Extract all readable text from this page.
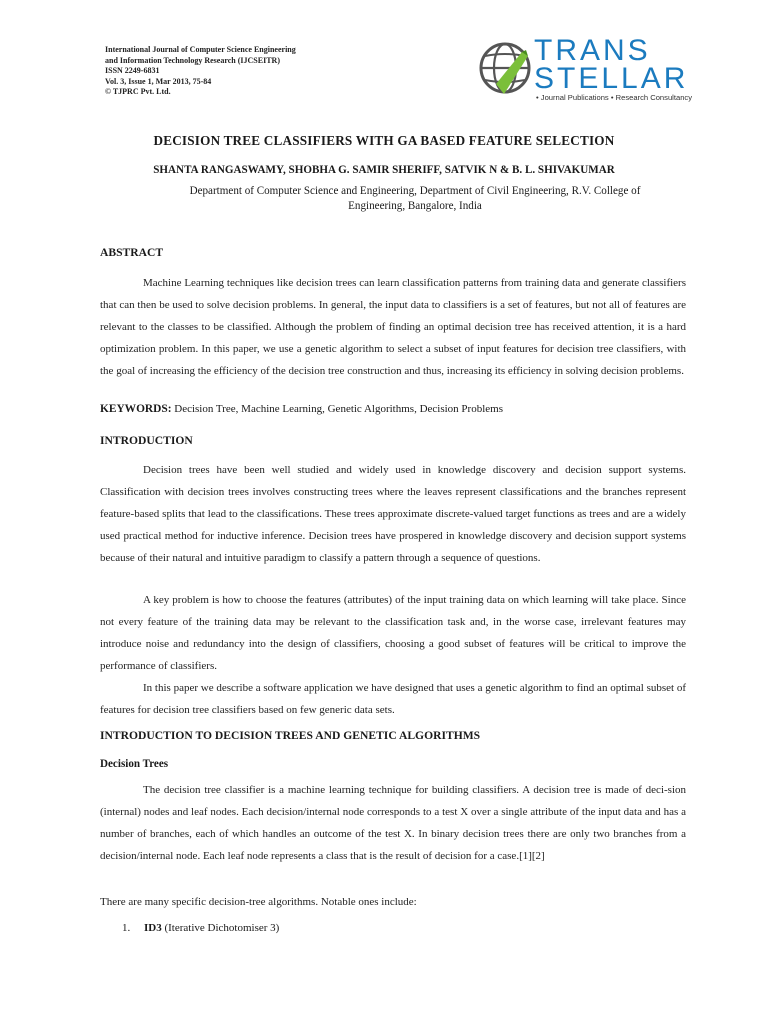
International Journal of Computer Science Engineering
and Information Technology Research (IJCSEITR)
ISSN 2249-6831
Vol. 3, Issue 1, Mar 2013, 75-84
© TJPRC Pvt. Ltd.
TRANS
STELLAR
• Journal Publications • Research Consultancy
DECISION TREE CLASSIFIERS WITH GA BASED FEATURE SELECTION
SHANTA RANGASWAMY, SHOBHA G. SAMIR SHERIFF, SATVIK N & B. L. SHIVAKUMAR
Department of Computer Science and Engineering, Department of Civil Engineering, R.V. College of Engineering, Bangalore, India
ABSTRACT
Machine Learning techniques like decision trees can learn classification patterns from training data and generate classifiers that can then be used to solve decision problems. In general, the input data to classifiers is a set of features, but not all of features are relevant to the classes to be classified. Although the problem of finding an optimal decision tree has received attention, it is a hard optimization problem. In this paper, we use a genetic algorithm to select a subset of input features for decision tree classifiers, with the goal of increasing the efficiency of the decision tree construction and thus, increasing its efficiency in solving decision problems.
KEYWORDS: Decision Tree, Machine Learning, Genetic Algorithms, Decision Problems
INTRODUCTION
Decision trees have been well studied and widely used in knowledge discovery and decision support systems. Classification with decision trees involves constructing trees where the leaves represent classifications and the branches represent feature-based splits that lead to the classifications. These trees approximate discrete-valued target functions as trees and are a widely used practical method for inductive inference. Decision trees have prospered in knowledge discovery and decision support systems because of their natural and intuitive paradigm to classify a pattern through a sequence of questions.
A key problem is how to choose the features (attributes) of the input training data on which learning will take place. Since not every feature of the training data may be relevant to the classification task and, in the worse case, irrelevant features may introduce noise and redundancy into the design of classifiers, choosing a good subset of features will be critical to improve the performance of classifiers.
In this paper we describe a software application we have designed that uses a genetic algorithm to find an optimal subset of features for decision tree classifiers based on few generic data sets.
INTRODUCTION TO DECISION TREES AND GENETIC ALGORITHMS
Decision Trees
The decision tree classifier is a machine learning technique for building classifiers. A decision tree is made of deci-sion (internal) nodes and leaf nodes. Each decision/internal node corresponds to a test X over a single attribute of the input data and has a number of branches, each of which handles an outcome of the test X. In binary decision trees there are only two branches from a decision/internal node. Each leaf node represents a class that is the result of decision for a case.[1][2]
There are many specific decision-tree algorithms. Notable ones include:
1. ID3 (Iterative Dichotomiser 3)
